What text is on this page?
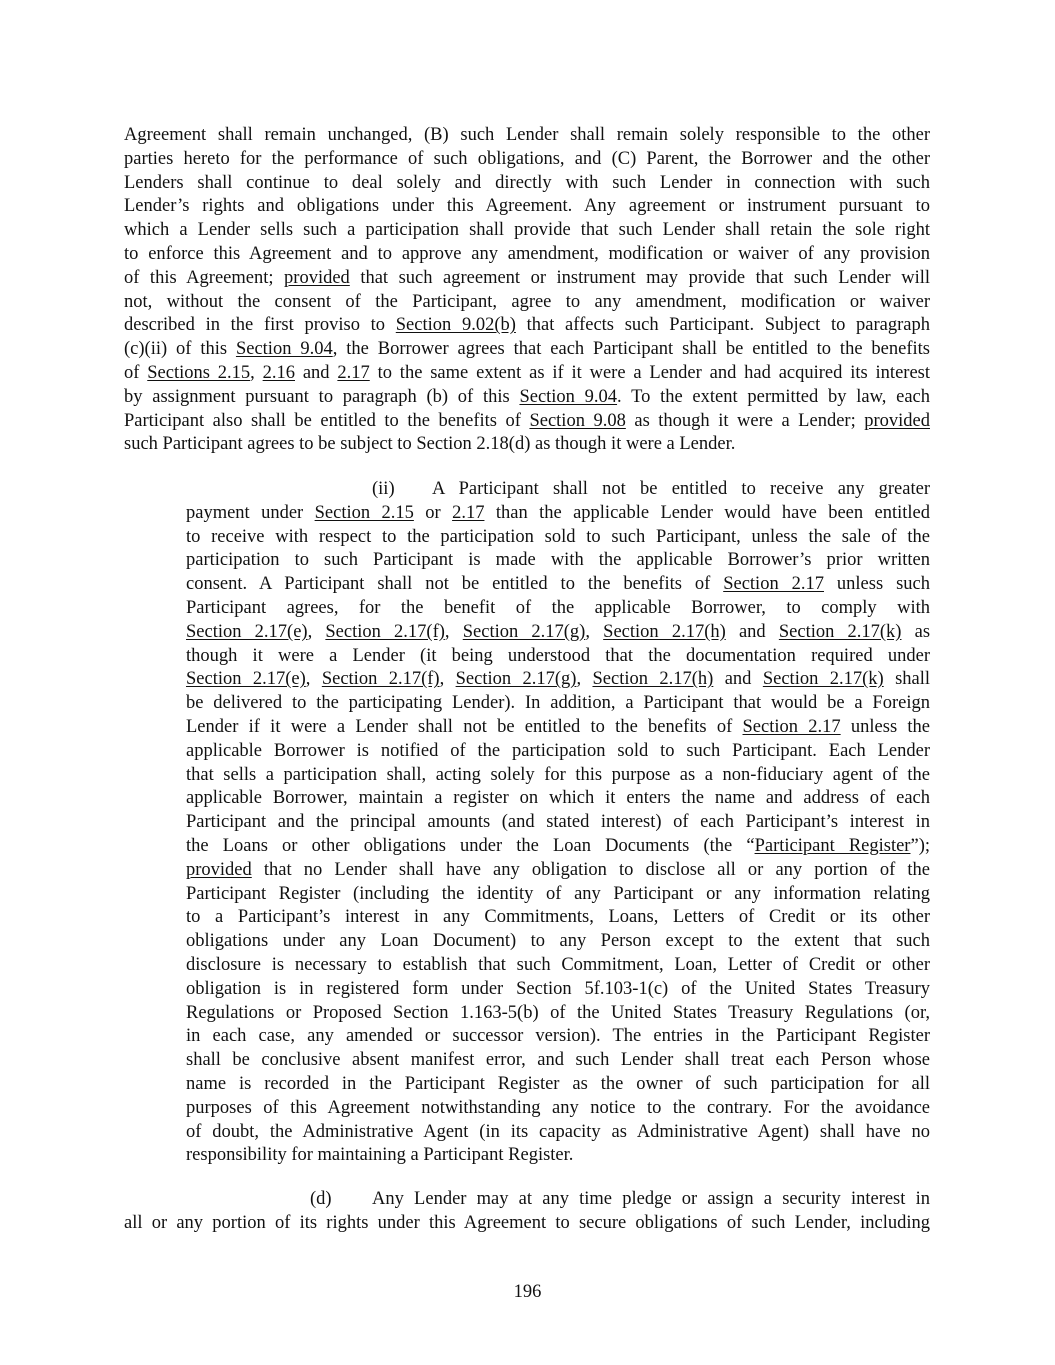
Agreement shall remain unchanged, (B) such Lender shall remain solely responsible to the other
parties hereto for the performance of such obligations, and (C) Parent, the Borrower and the other
Lenders shall continue to deal solely and directly with such Lender in connection with such
Lender’s rights and obligations under this Agreement. Any agreement or instrument pursuant to
which a Lender sells such a participation shall provide that such Lender shall retain the sole right
to enforce this Agreement and to approve any amendment, modification or waiver of any provision
of this Agreement; provided that such agreement or instrument may provide that such Lender will
not, without the consent of the Participant, agree to any amendment, modification or waiver
described in the first proviso to Section 9.02(b) that affects such Participant. Subject to paragraph
(c)(ii) of this Section 9.04, the Borrower agrees that each Participant shall be entitled to the benefits
of Sections 2.15, 2.16 and 2.17 to the same extent as if it were a Lender and had acquired its interest
by assignment pursuant to paragraph (b) of this Section 9.04. To the extent permitted by law, each
Participant also shall be entitled to the benefits of Section 9.08 as though it were a Lender; provided
such Participant agrees to be subject to Section 2.18(d) as though it were a Lender.
(ii) A Participant shall not be entitled to receive any greater
payment under Section 2.15 or 2.17 than the applicable Lender would have been entitled
to receive with respect to the participation sold to such Participant, unless the sale of the
participation to such Participant is made with the applicable Borrower’s prior written
consent. A Participant shall not be entitled to the benefits of Section 2.17 unless such
Participant agrees, for the benefit of the applicable Borrower, to comply with
Section 2.17(e), Section 2.17(f), Section 2.17(g), Section 2.17(h) and Section 2.17(k) as
though it were a Lender (it being understood that the documentation required under
Section 2.17(e), Section 2.17(f), Section 2.17(g), Section 2.17(h) and Section 2.17(k) shall
be delivered to the participating Lender). In addition, a Participant that would be a Foreign
Lender if it were a Lender shall not be entitled to the benefits of Section 2.17 unless the
applicable Borrower is notified of the participation sold to such Participant. Each Lender
that sells a participation shall, acting solely for this purpose as a non-fiduciary agent of the
applicable Borrower, maintain a register on which it enters the name and address of each
Participant and the principal amounts (and stated interest) of each Participant’s interest in
the Loans or other obligations under the Loan Documents (the “Participant Register”);
provided that no Lender shall have any obligation to disclose all or any portion of the
Participant Register (including the identity of any Participant or any information relating
to a Participant’s interest in any Commitments, Loans, Letters of Credit or its other
obligations under any Loan Document) to any Person except to the extent that such
disclosure is necessary to establish that such Commitment, Loan, Letter of Credit or other
obligation is in registered form under Section 5f.103-1(c) of the United States Treasury
Regulations or Proposed Section 1.163-5(b) of the United States Treasury Regulations (or,
in each case, any amended or successor version). The entries in the Participant Register
shall be conclusive absent manifest error, and such Lender shall treat each Person whose
name is recorded in the Participant Register as the owner of such participation for all
purposes of this Agreement notwithstanding any notice to the contrary. For the avoidance
of doubt, the Administrative Agent (in its capacity as Administrative Agent) shall have no
responsibility for maintaining a Participant Register.
(d) Any Lender may at any time pledge or assign a security interest in
all or any portion of its rights under this Agreement to secure obligations of such Lender, including
196
